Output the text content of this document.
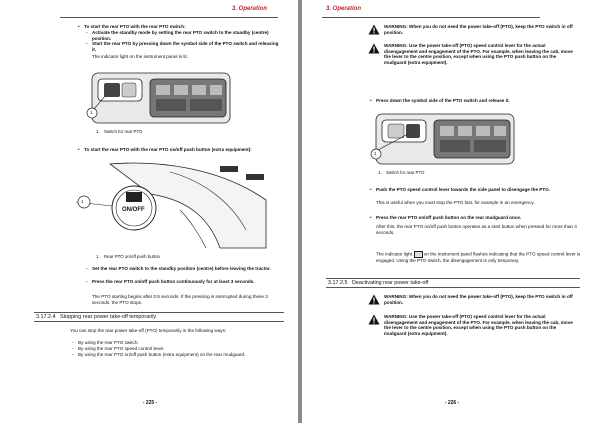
3. Operation
• To start the rear PTO with the rear PTO switch:
- Activate the standby mode by setting the rear PTO switch to the standby (centre) position.
- Start the rear PTO by pressing down the symbol side of the PTO switch and releasing it.
The indicator light on the instrument panel is lit.
1
1. Switch for rear PTO
• To start the rear PTO with the rear PTO on/off push button (extra equipment):
1
ON/OFF
1. Rear PTO on/off push button
- Set the rear PTO switch to the standby position (centre) before leaving the tractor.
- Press the rear PTO on/off push button continuously for at least 3 seconds.
The PTO starting begins after 0.5 seconds. If the pressing is interrupted during these 3 seconds, the PTO stops.
3.17.2.4 Stopping rear power take-off temporarily
You can stop the rear power take-off (PTO) temporarily in the following ways:
- By using the rear PTO switch.
- By using the rear PTO speed control lever.
- By using the rear PTO on/off push button (extra equipment) on the rear mudguard.
- 225 -
3. Operation
WARNING: When you do not need the power take-off (PTO), keep the PTO switch in off position.
WARNING: Use the power take-off (PTO) speed control lever for the actual disengagement and engagement of the PTO. For example, when leaving the cab, move the lever to the centre position, except when using the PTO push button on the mudguard (extra equipment).
• Press down the symbol side of the PTO switch and release it.
1
1. Switch for rear PTO
• Push the PTO speed control lever towards the side panel to disengage the PTO.
This is useful when you must stop the PTO fast, for example in an emergency.
• Press the rear PTO on/off push button on the rear mudguard once.
After this, the rear PTO on/off push button operates as a start button when pressed for more than 3 seconds.
The indicator light	on the instrument panel flashes indicating that the PTO speed control lever is engaged. Using the PTO switch, the disengagement is only temporary.
3.17.2.5 Deactivating rear power take-off
WARNING: When you do not need the power take-off (PTO), keep the PTO switch in off position.
WARNING: Use the power take-off (PTO) speed control lever for the actual disengagement and engagement of the PTO. For example, when leaving the cab, move the lever to the centre position, except when using the PTO push button on the mudguard (extra equipment).
- 226 -
